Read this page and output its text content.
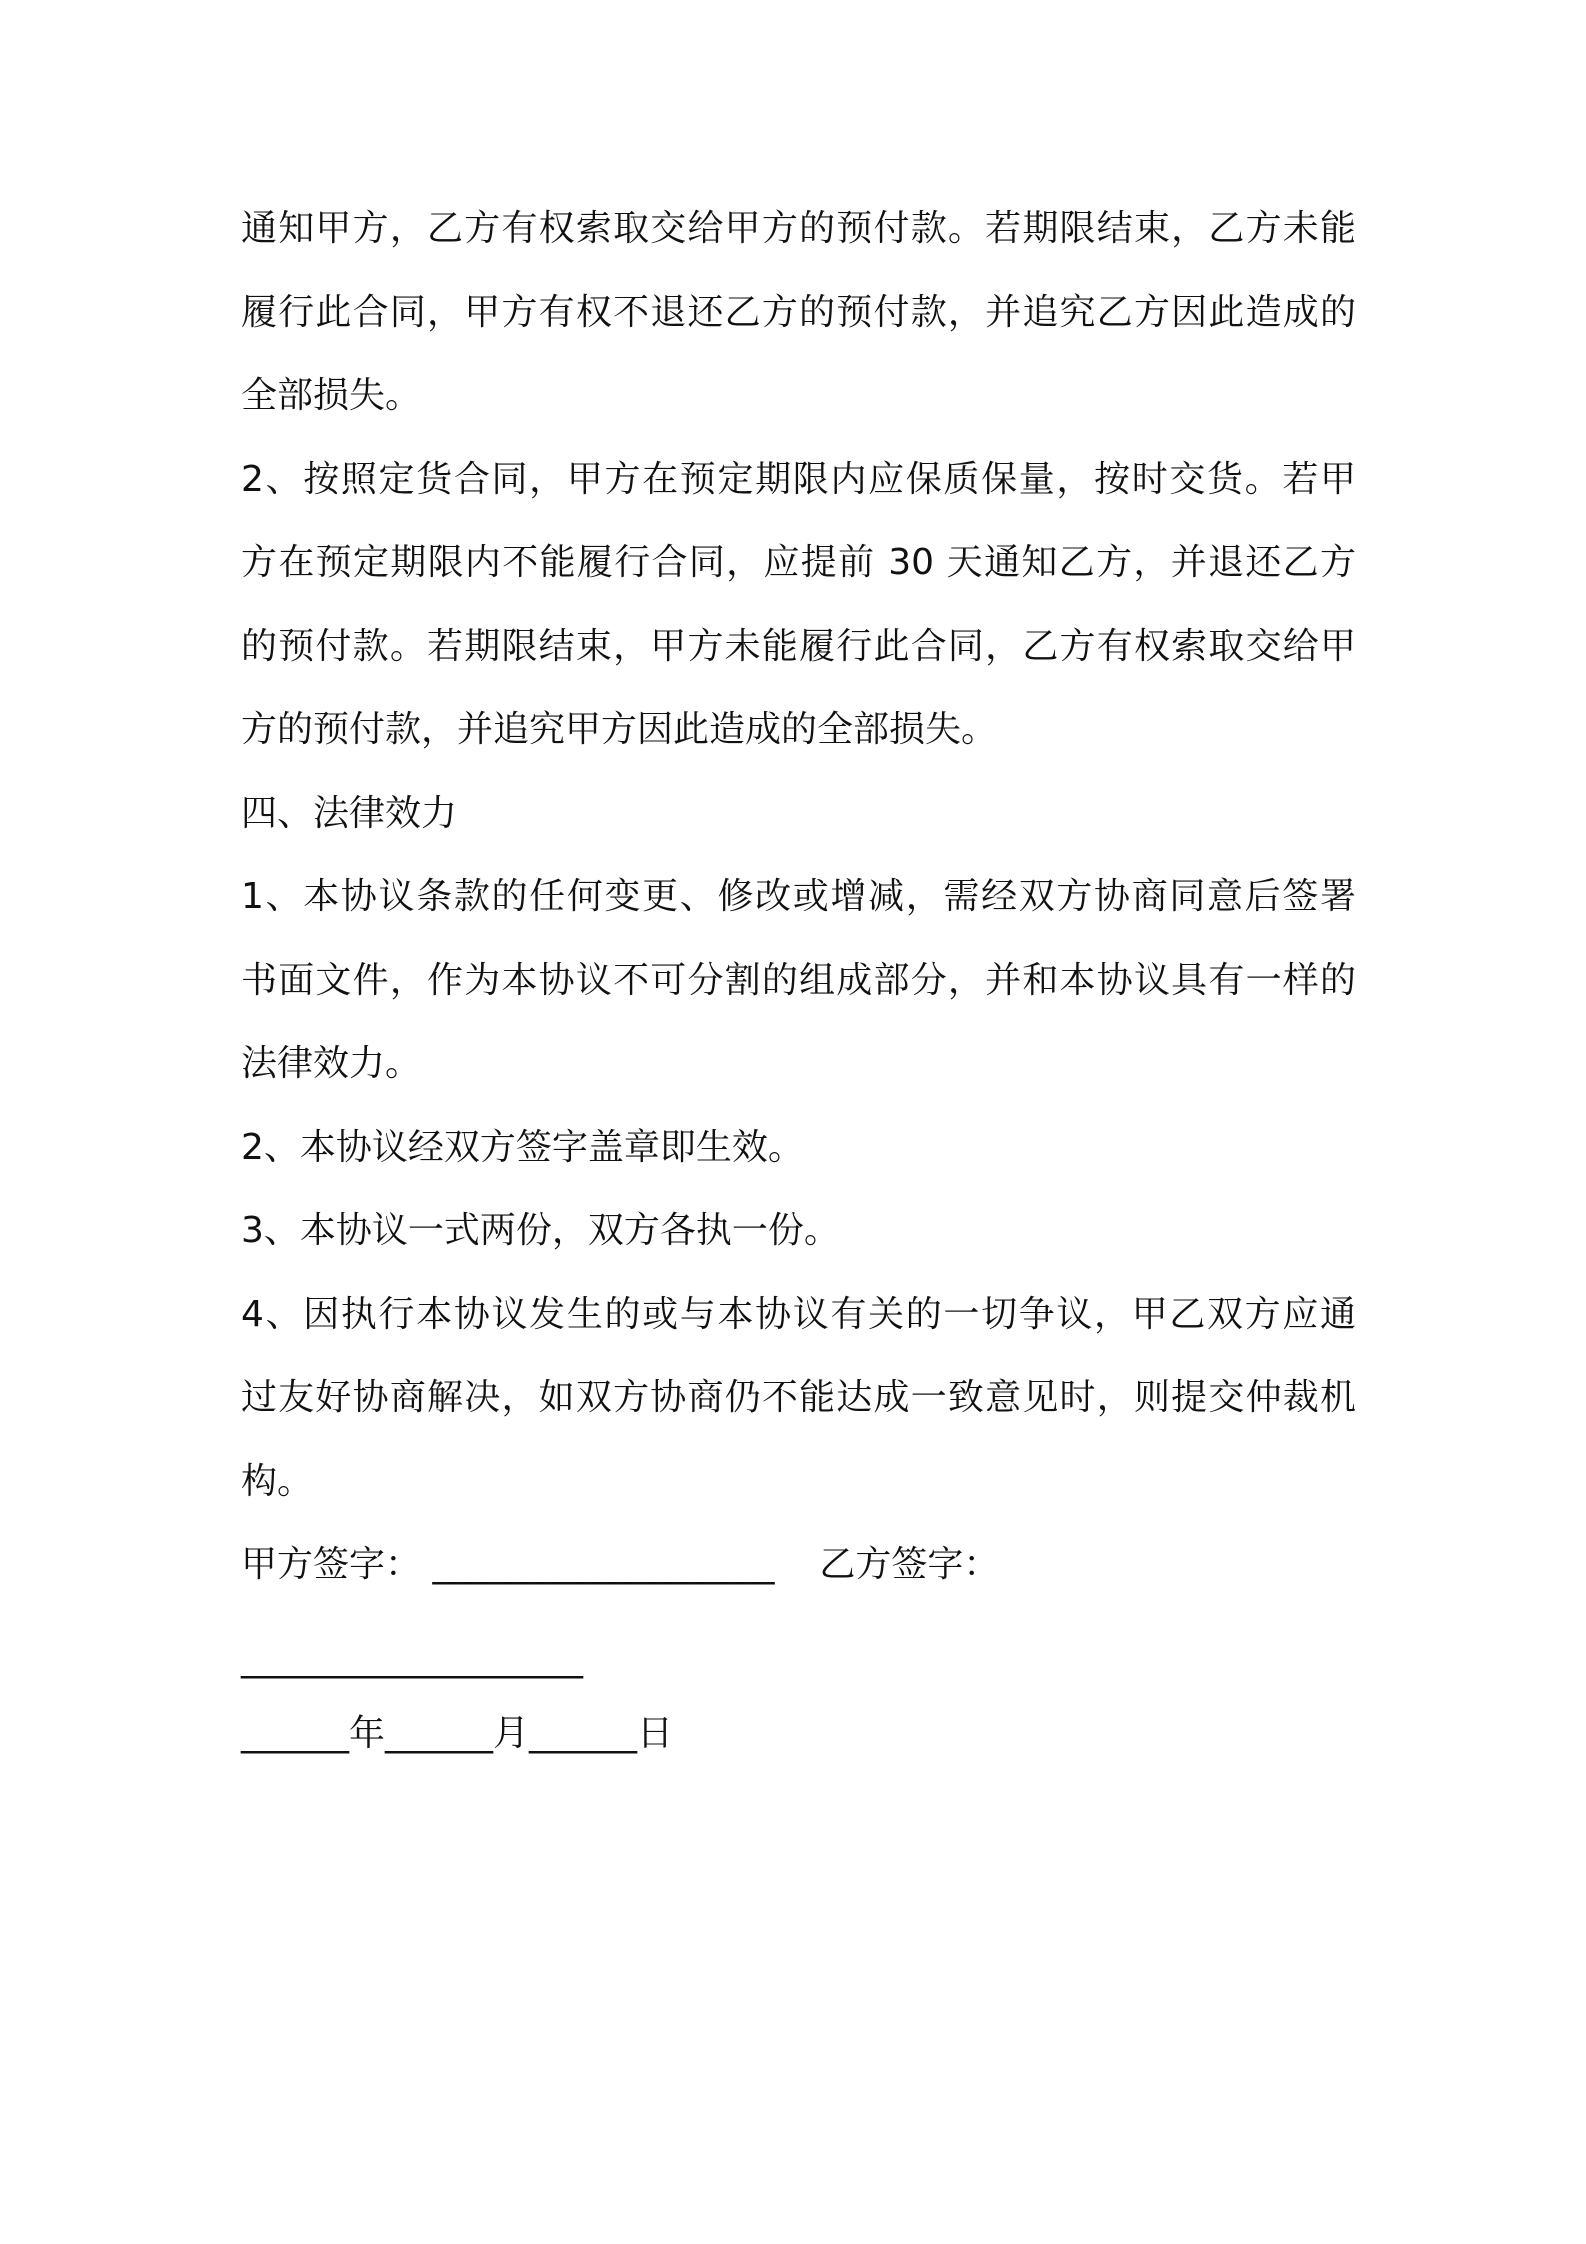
通知甲方，乙方有权索取交给甲方的预付款。若期限结束，乙方未能
履行此合同，甲方有权不退还乙方的预付款，并追究乙方因此造成的
全部损失。
2、按照定货合同，甲方在预定期限内应保质保量，按时交货。若甲
方在预定期限内不能履行合同，应提前 30 天通知乙方，并退还乙方
的预付款。若期限结束，甲方未能履行此合同，乙方有权索取交给甲
方的预付款，并追究甲方因此造成的全部损失。
四、法律效力
1、本协议条款的任何变更、修改或增减，需经双方协商同意后签署
书面文件，作为本协议不可分割的组成部分，并和本协议具有一样的
法律效力。
2、本协议经双方签字盖章即生效。
3、本协议一式两份，双方各执一份。
4、因执行本协议发生的或与本协议有关的一切争议，甲乙双方应通
过友好协商解决，如双方协商仍不能达成一致意见时，则提交仲裁机
构。
甲方签字： ___________________ 乙方签字：
___________________
______年______月______日
